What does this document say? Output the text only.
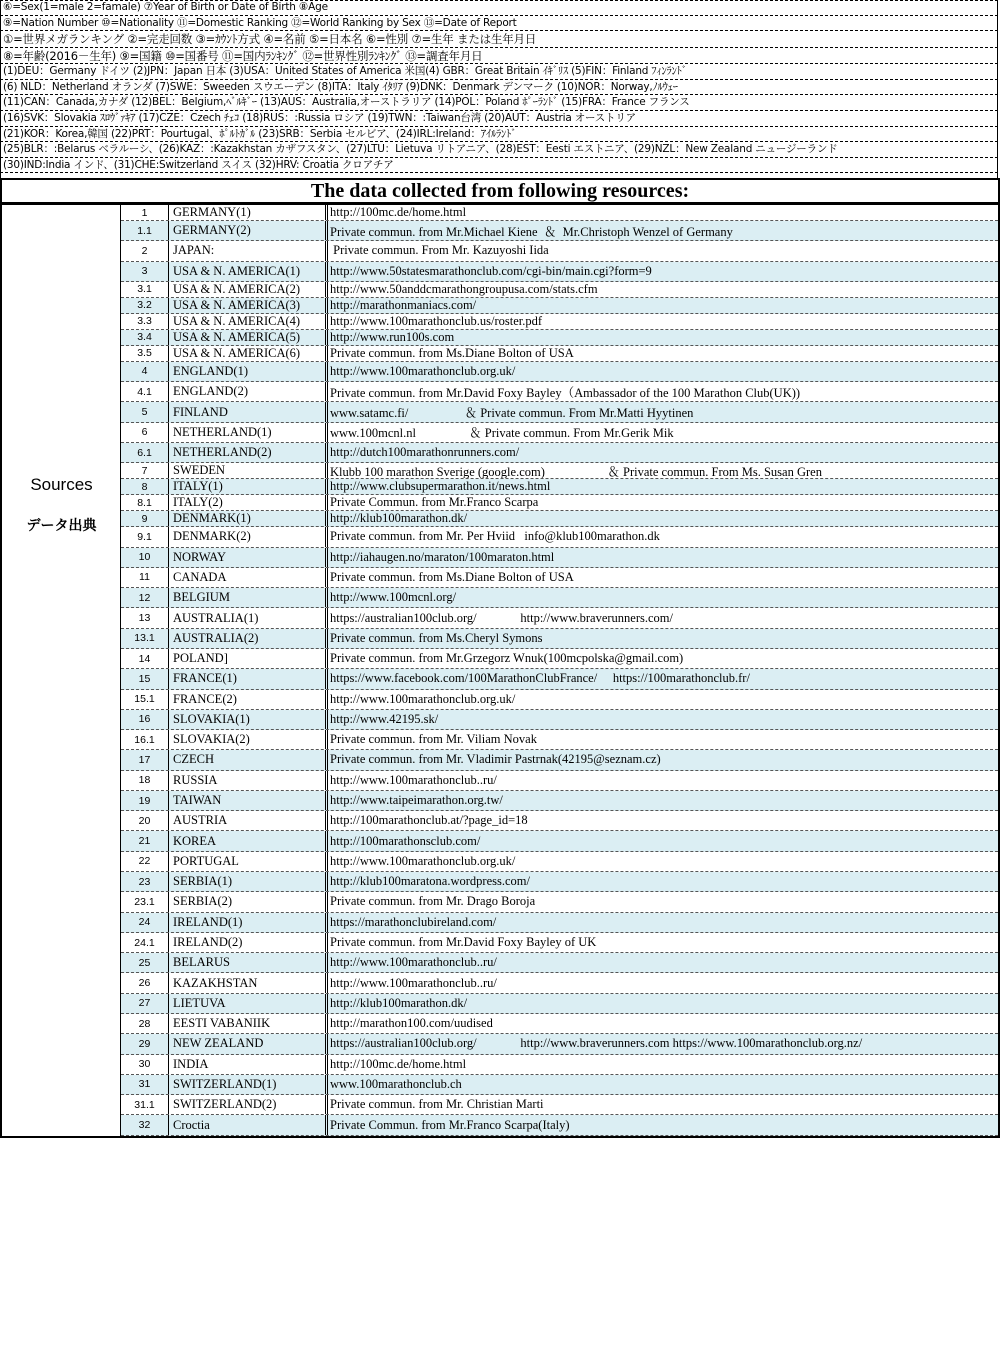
⑥=Sex(1=male 2=famale) ⑦Year of Birth or Date of Birth ⑧Age
⑨=Nation Number ⑩=Nationality ⑪=Domestic Ranking ⑫=World Ranking by Sex ⑬=Date of Report
①=世界メガランキング ②=完走回数 ③=ｶｳﾝﾄ方式 ④=名前 ⑤=日本名 ⑥=性別 ⑦=生年 または生年月日
⑧=年齢(2016－生年) ⑨=国籍 ⑩=国番号 ⑪=国内ﾗﾝｷﾝｸﾞ ⑫=世界性別ﾗﾝｷﾝｸﾞ ⑬=調査年月日
(1)DEU：Germany ドイツ (2)JPN：Japan 日本 (3)USA：United States of America 米国(4) GBR：Great Britain ｲｷﾞﾘｽ (5)FIN：Finland ﾌｨﾝﾗﾝﾄﾞ
(6) NLD：Netherland オランダ (7)SWE：Sweeden スウエーデン (8)ITA：Italy ｲﾀﾘｱ (9)DNK：Denmark デンマーク (10)NOR：Norway,ﾉﾙｳｪｰ
(11)CAN：Canada,カナダ (12)BEL：Belgium,ﾍﾞﾙｷﾞｰ (13)AUS：Australia,オーストラリア (14)POL：Poland ﾎﾟｰﾗﾝﾄﾞ (15)FRA：France フランス
(16)SVK：Slovakia ｽﾛｳﾞｧｷｱ (17)CZE：Czech ﾁｪｺ (18)RUS：:Russia ロシア (19)TWN：:Taiwan台湾 (20)AUT：Austria オーストリア
(21)KOR：Korea,韓国 (22)PRT：Pourtugal、ﾎﾟﾙﾄｶﾞﾙ (23)SRB：Serbia セルビア、(24)IRL:Ireland：ｱｲﾙﾗﾝﾄﾞ
(25)BLR：:Belarus ベラルーシ、(26)KAZ：:Kazakhstan カザフスタン、(27)LTU：Lietuva リトアニア、(28)EST：Eesti エストニア、(29)NZL：New Zealand ニュージーランド
(30)IND:India インド、(31)CHE:Switzerland スイス (32)HRV: Croatia クロアチア
The data collected from following resources:
Sources
データ出典
1	GERMANY(1)	http://100mc.de/home.html
1.1	GERMANY(2)	Private commun. from Mr.Michael Kiene  ＆  Mr.Christoph Wenzel of Germany
2	JAPAN:	Private commun. From Mr. Kazuyoshi Iida
3	USA & N. AMERICA(1)	http://www.50statesmarathonclub.com/cgi-bin/main.cgi?form=9
3.1	USA & N. AMERICA(2)	http://www.50anddcmarathongroupusa.com/stats.cfm
3.2	USA & N. AMERICA(3)	http://marathonmaniacs.com/
3.3	USA & N. AMERICA(4)	http://www.100marathonclub.us/roster.pdf
3.4	USA & N. AMERICA(5)	http://www.run100s.com
3.5	USA & N. AMERICA(6)	Private commun. from Ms.Diane Bolton of USA
4	ENGLAND(1)	http://www.100marathonclub.org.uk/
4.1	ENGLAND(2)	Private commun. from Mr.David Foxy Bayley（Ambassador of the 100 Marathon Club(UK))
5	FINLAND	www.satamc.fi/                  ＆ Private commun. From Mr.Matti Hyytinen
6	NETHERLAND(1)	www.100mcnl.nl                 ＆ Private commun. From Mr.Gerik Mik
6.1	NETHERLAND(2)	http://dutch100marathonrunners.com/
7	SWEDEN	Klubb 100 marathon Sverige (google.com)                    ＆ Private commun. From Ms. Susan Gren
8	ITALY(1)	http://www.clubsupermarathon.it/news.html
8.1	ITALY(2)	Private Commun. from Mr.Franco Scarpa
9	DENMARK(1)	http://klub100marathon.dk/
9.1	DENMARK(2)	Private commun. from Mr. Per Hviid   info@klub100marathon.dk
10	NORWAY	http://iahaugen.no/maraton/100maraton.html
11	CANADA	Private commun. from Ms.Diane Bolton of USA
12	BELGIUM	http://www.100mcnl.org/
13	AUSTRALIA(1)	https://australian100club.org/              http://www.braverunners.com/
13.1	AUSTRALIA(2)	Private commun. from Ms.Cheryl Symons
14	POLAND]	Private commun. from Mr.Grzegorz Wnuk(100mcpolska@gmail.com)
15	FRANCE(1)	https://www.facebook.com/100MarathonClubFrance/     https://100marathonclub.fr/
15.1	FRANCE(2)	http://www.100marathonclub.org.uk/
16	SLOVAKIA(1)	http://www.42195.sk/
16.1	SLOVAKIA(2)	Private commun. from Mr. Viliam Novak
17	CZECH	Private commun. from Mr. Vladimir Pastrnak(42195@seznam.cz)
18	RUSSIA	http://www.100marathonclub..ru/
19	TAIWAN	http://www.taipeimarathon.org.tw/
20	AUSTRIA	http://100marathonclub.at/?page_id=18
21	KOREA	http://100marathonsclub.com/
22	PORTUGAL	http://www.100marathonclub.org.uk/
23	SERBIA(1)	http://klub100maratona.wordpress.com/
23.1	SERBIA(2)	Private commun. from Mr. Drago Boroja
24	IRELAND(1)	https://marathonclubireland.com/
24.1	IRELAND(2)	Private commun. from Mr.David Foxy Bayley of UK
25	BELARUS	http://www.100marathonclub..ru/
26	KAZAKHSTAN	http://www.100marathonclub..ru/
27	LIETUVA	http://klub100marathon.dk/
28	EESTI VABANIIK	http://marathon100.com/uudised
29	NEW ZEALAND	https://australian100club.org/              http://www.braverunners.com https://www.100marathonclub.org.nz/
30	INDIA	http://100mc.de/home.html
31	SWITZERLAND(1)	www.100marathonclub.ch
31.1	SWITZERLAND(2)	Private commun. from Mr. Christian Marti
32	Croctia	Private Commun. from Mr.Franco Scarpa(Italy)
